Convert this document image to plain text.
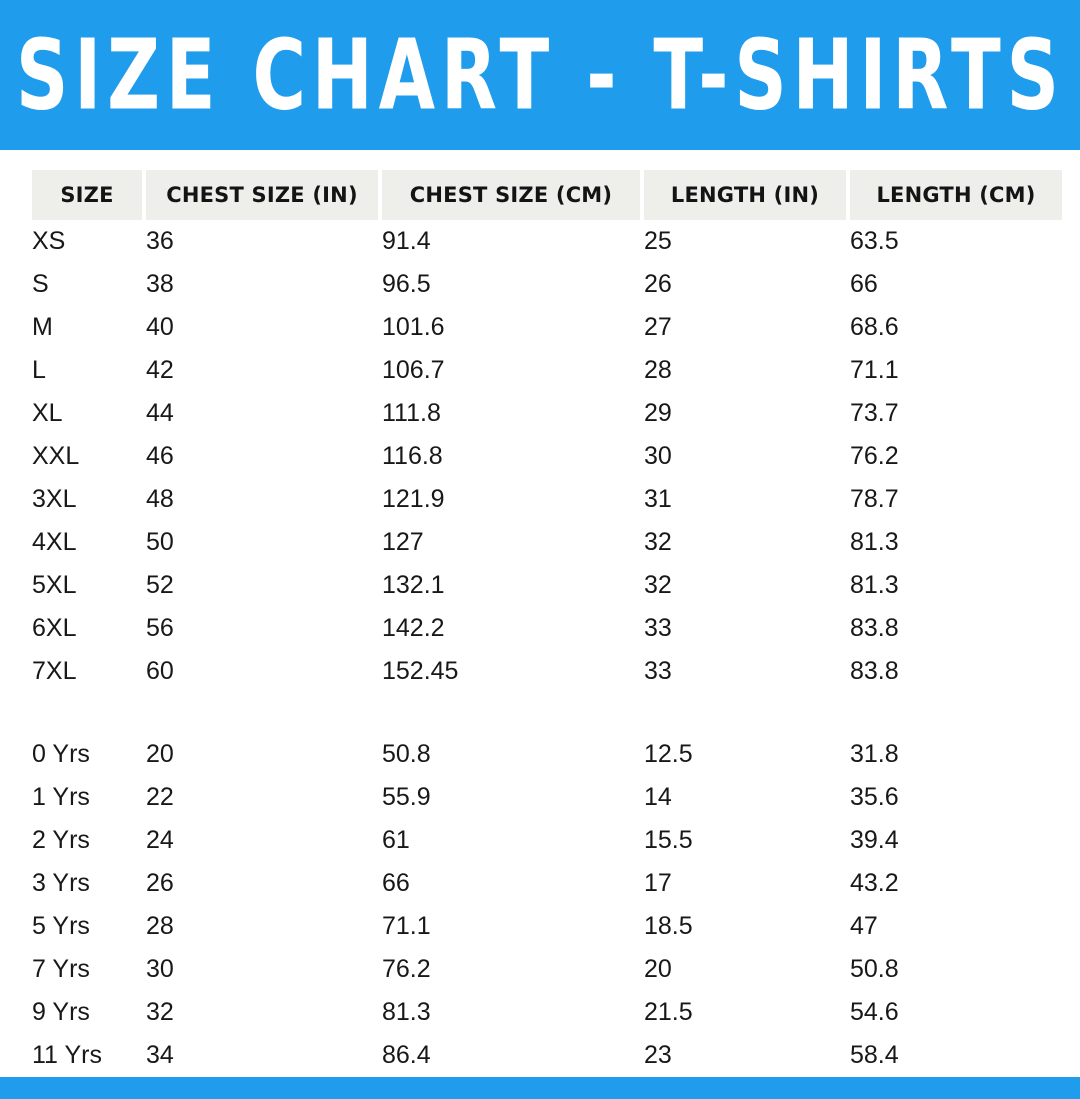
SIZE CHART - T-SHIRTS
SIZE	CHEST SIZE (IN)	CHEST SIZE (CM)	LENGTH (IN)	LENGTH (CM)
XS	36	91.4	25	63.5
S	38	96.5	26	66
M	40	101.6	27	68.6
L	42	106.7	28	71.1
XL	44	111.8	29	73.7
XXL	46	116.8	30	76.2
3XL	48	121.9	31	78.7
4XL	50	127	32	81.3
5XL	52	132.1	32	81.3
6XL	56	142.2	33	83.8
7XL	60	152.45	33	83.8

0 Yrs	20	50.8	12.5	31.8
1 Yrs	22	55.9	14	35.6
2 Yrs	24	61	15.5	39.4
3 Yrs	26	66	17	43.2
5 Yrs	28	71.1	18.5	47
7 Yrs	30	76.2	20	50.8
9 Yrs	32	81.3	21.5	54.6
11 Yrs	34	86.4	23	58.4
